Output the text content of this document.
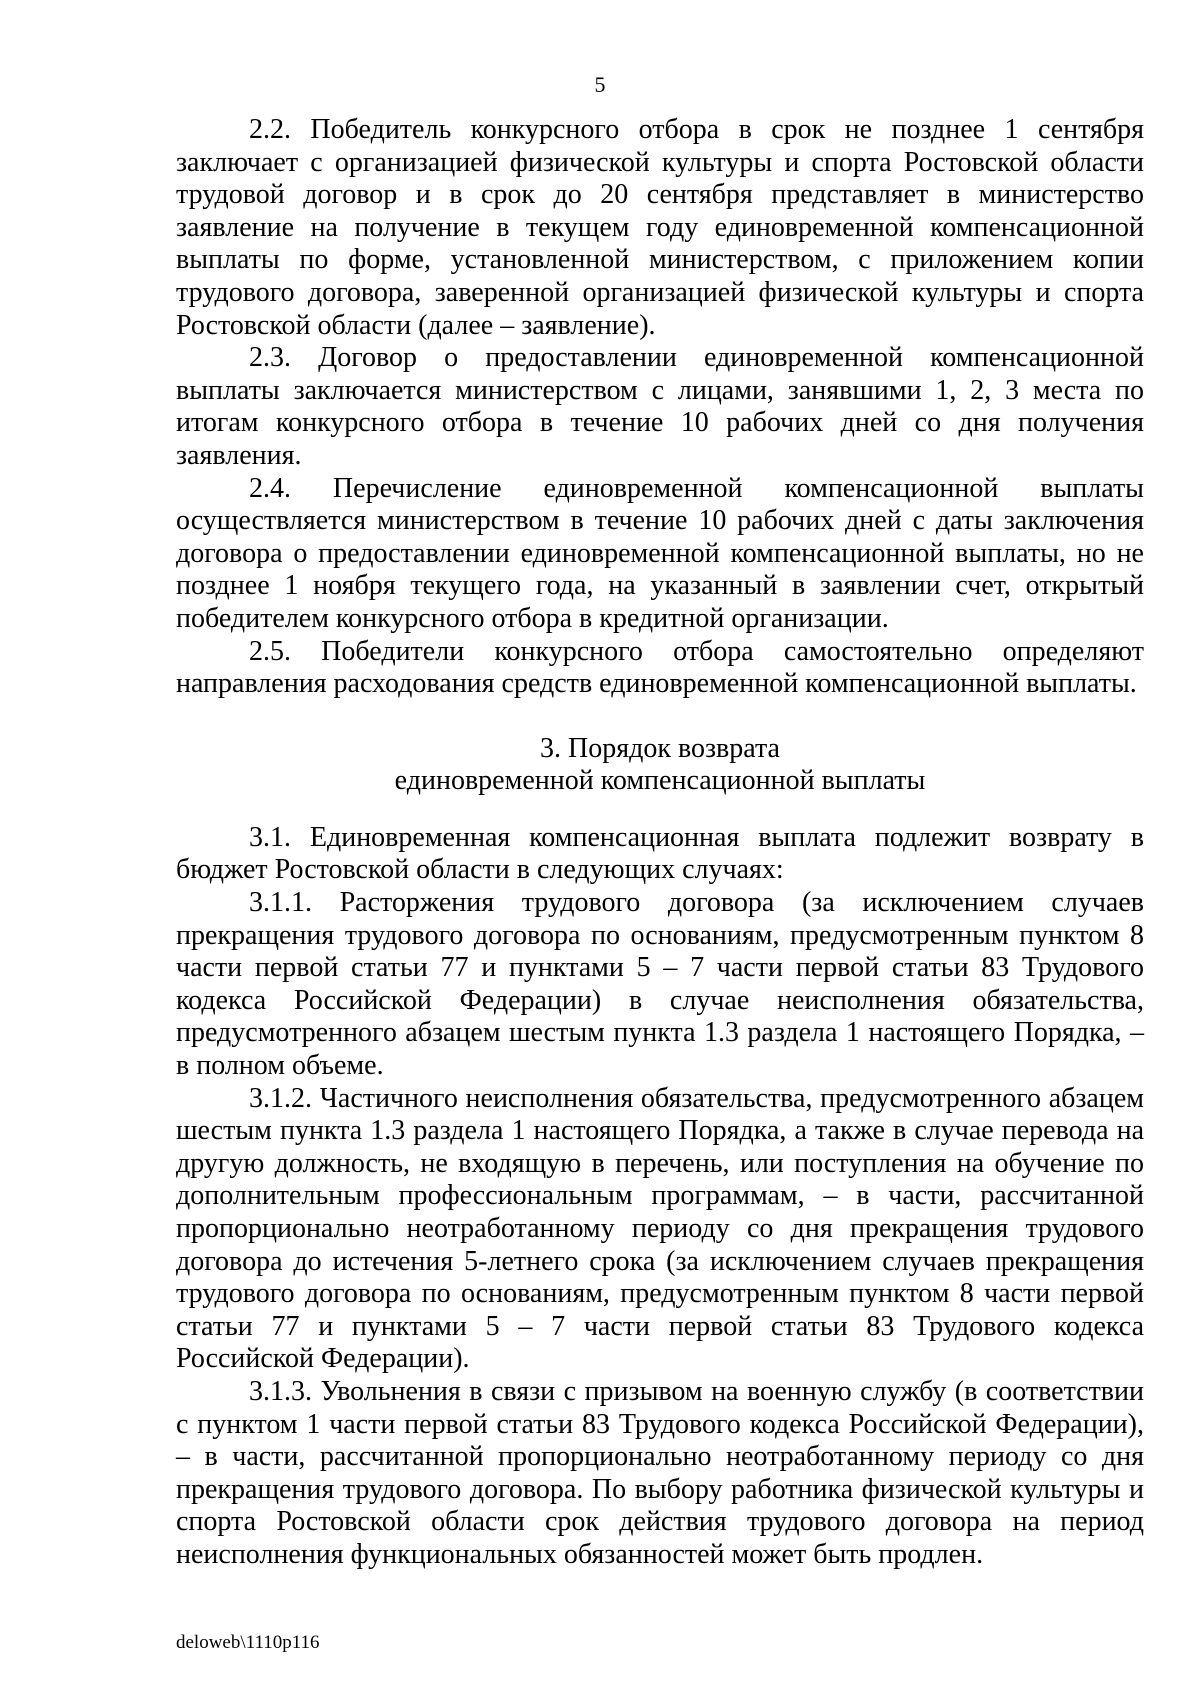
5

2.2. Победитель конкурсного отбора в срок не позднее 1 сентября заключает с организацией физической культуры и спорта Ростовской области трудовой договор и в срок до 20 сентября представляет в министерство заявление на получение в текущем году единовременной компенсационной выплаты по форме, установленной министерством, с приложением копии трудового договора, заверенной организацией физической культуры и спорта Ростовской области (далее – заявление).

2.3. Договор о предоставлении единовременной компенсационной выплаты заключается министерством с лицами, занявшими 1, 2, 3 места по итогам конкурсного отбора в течение 10 рабочих дней со дня получения заявления.

2.4. Перечисление единовременной компенсационной выплаты осуществляется министерством в течение 10 рабочих дней с даты заключения договора о предоставлении единовременной компенсационной выплаты, но не позднее 1 ноября текущего года, на указанный в заявлении счет, открытый победителем конкурсного отбора в кредитной организации.

2.5. Победители конкурсного отбора самостоятельно определяют направления расходования средств единовременной компенсационной выплаты.

3. Порядок возврата
единовременной компенсационной выплаты

3.1. Единовременная компенсационная выплата подлежит возврату в бюджет Ростовской области в следующих случаях:

3.1.1. Расторжения трудового договора (за исключением случаев прекращения трудового договора по основаниям, предусмотренным пунктом 8 части первой статьи 77 и пунктами 5 – 7 части первой статьи 83 Трудового кодекса Российской Федерации) в случае неисполнения обязательства, предусмотренного абзацем шестым пункта 1.3 раздела 1 настоящего Порядка, – в полном объеме.

3.1.2. Частичного неисполнения обязательства, предусмотренного абзацем шестым пункта 1.3 раздела 1 настоящего Порядка, а также в случае перевода на другую должность, не входящую в перечень, или поступления на обучение по дополнительным профессиональным программам, – в части, рассчитанной пропорционально неотработанному периоду со дня прекращения трудового договора до истечения 5-летнего срока (за исключением случаев прекращения трудового договора по основаниям, предусмотренным пунктом 8 части первой статьи 77 и пунктами 5 – 7 части первой статьи 83 Трудового кодекса Российской Федерации).

3.1.3. Увольнения в связи с призывом на военную службу (в соответствии с пунктом 1 части первой статьи 83 Трудового кодекса Российской Федерации), – в части, рассчитанной пропорционально неотработанному периоду со дня прекращения трудового договора. По выбору работника физической культуры и спорта Ростовской области срок действия трудового договора на период неисполнения функциональных обязанностей может быть продлен.

deloweb\1110p116
